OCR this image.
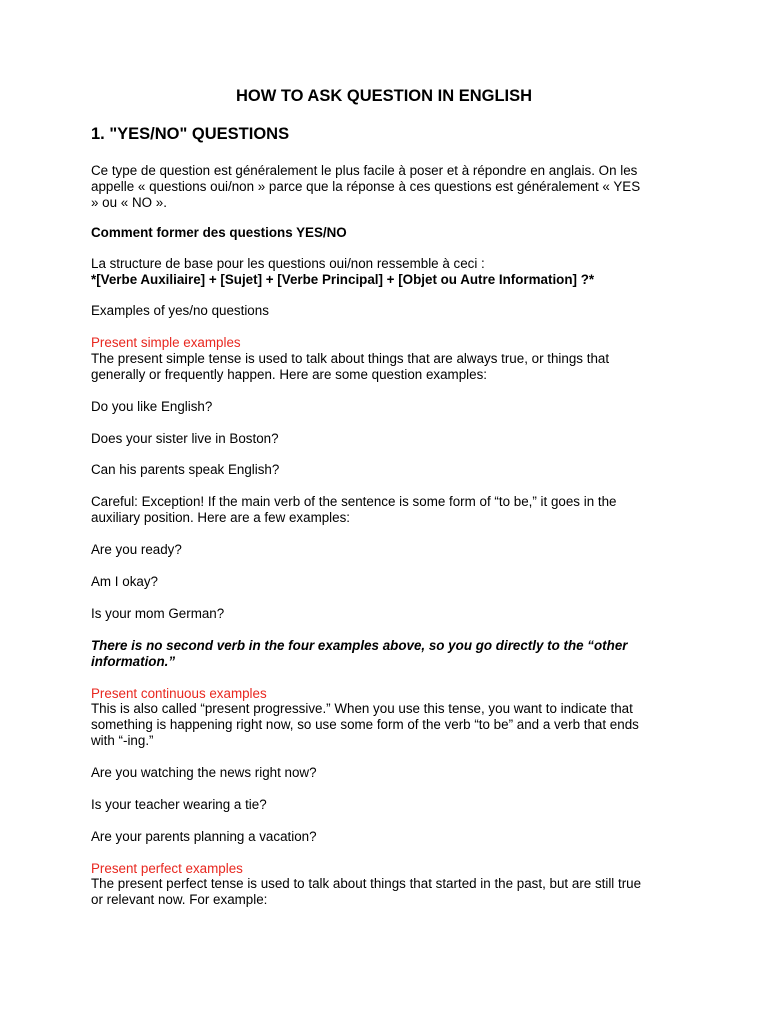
HOW TO ASK QUESTION IN ENGLISH
1. "YES/NO" QUESTIONS
Ce type de question est généralement le plus facile à poser et à répondre en anglais. On les
appelle « questions oui/non » parce que la réponse à ces questions est généralement « YES
» ou « NO ».
Comment former des questions YES/NO
La structure de base pour les questions oui/non ressemble à ceci :
*[Verbe Auxiliaire] + [Sujet] + [Verbe Principal] + [Objet ou Autre Information] ?*
Examples of yes/no questions
Present simple examples
The present simple tense is used to talk about things that are always true, or things that
generally or frequently happen. Here are some question examples:
Do you like English?
Does your sister live in Boston?
Can his parents speak English?
Careful: Exception! If the main verb of the sentence is some form of “to be,” it goes in the
auxiliary position. Here are a few examples:
Are you ready?
Am I okay?
Is your mom German?
There is no second verb in the four examples above, so you go directly to the “other
information.”
Present continuous examples
This is also called “present progressive.” When you use this tense, you want to indicate that
something is happening right now, so use some form of the verb “to be” and a verb that ends
with “-ing.”
Are you watching the news right now?
Is your teacher wearing a tie?
Are your parents planning a vacation?
Present perfect examples
The present perfect tense is used to talk about things that started in the past, but are still true
or relevant now. For example:
